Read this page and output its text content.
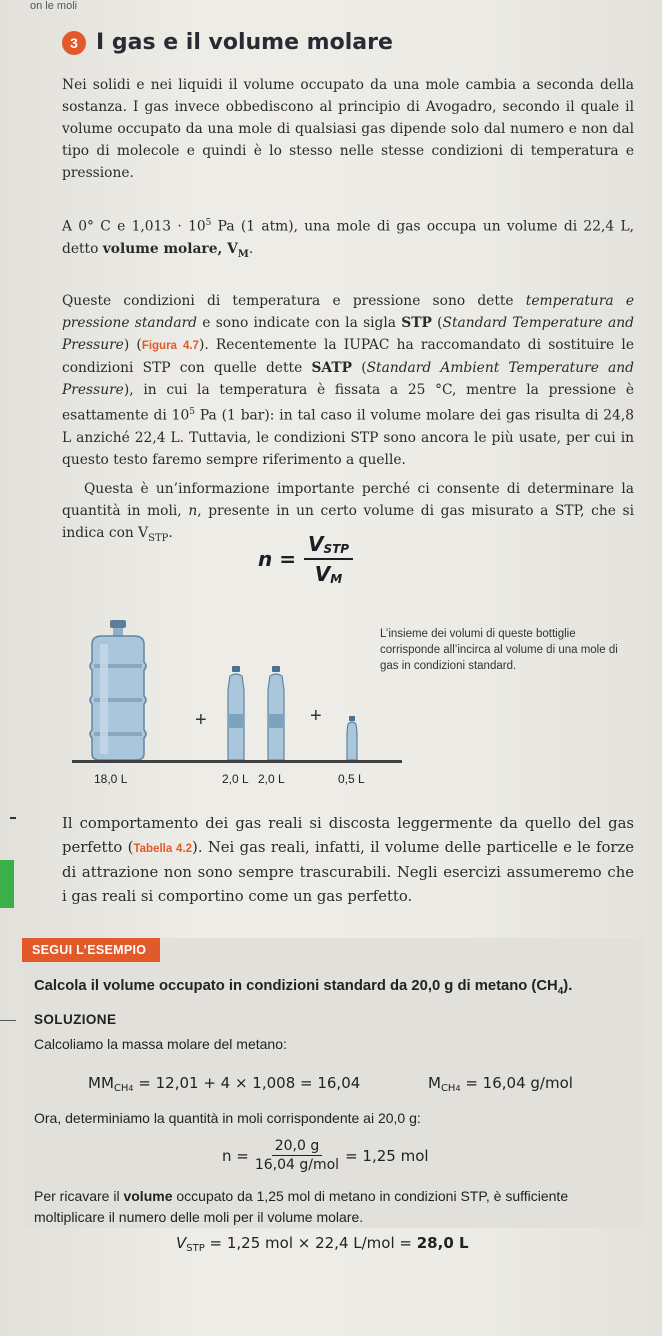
on le moli
3 I gas e il volume molare

Nei solidi e nei liquidi il volume occupato da una mole cambia a seconda della sostanza. I gas invece obbediscono al principio di Avogadro, secondo il quale il volume occupato da una mole di qualsiasi gas dipende solo dal numero e non dal tipo di molecole e quindi è lo stesso nelle stesse condizioni di temperatura e pressione.

A 0° C e $1,013 \cdot 10^5$ Pa (1 atm), una mole di gas occupa un volume di 22,4 L, detto volume molare, $V_M$.

Queste condizioni di temperatura e pressione sono dette temperatura e pressione standard e sono indicate con la sigla STP (Standard Temperature and Pressure) (Figura 4.7). Recentemente la IUPAC ha raccomandato di sostituire le condizioni STP con quelle dette SATP (Standard Ambient Temperature and Pressure), in cui la temperatura è fissata a 25 °C, mentre la pressione è esattamente di $10^5$ Pa (1 bar): in tal caso il volume molare dei gas risulta di 24,8 L anziché 22,4 L. Tuttavia, le condizioni STP sono ancora le più usate, per cui in questo testo faremo sempre riferimento a quelle.

Questa è un’informazione importante perché ci consente di determinare la quantità in moli, n, presente in un certo volume di gas misurato a STP, che si indica con $V_{STP}$.

$n = \frac{\text{VSTP}}{VM}$
+	+
18,0 L	2,0 L 2,0 L	0,5 L
L’insieme dei volumi di queste bottiglie corrisponde all’incirca al volume di una mole di gas in condizioni standard.

Il comportamento dei gas reali si discosta leggermente da quello del gas perfetto (Tabella 4.2). Nei gas reali, infatti, il volume delle particelle e le forze di attrazione non sono sempre trascurabili. Negli esercizi assumeremo che i gas reali si comportino come un gas perfetto.

SEGUI L’ESEMPIO
Calcola il volume occupato in condizioni standard da 20,0 g di metano $(CH_4)$.
SOLUZIONE
Calcoliamo la massa molare del metano:
$MM_{CH4} = 12,01 + 4 \times 1,008 = 16,04$	$M_{CH4} = 16,04$ g/mol
Ora, determiniamo la quantità in moli corrispondente ai 20,0 g:
$n = \frac{20,0 g}{\text{16,04 g/mol}} = 1,25$ mol
Per ricavare il volume occupato da 1,25 mol di metano in condizioni STP, è sufficiente moltiplicare il numero delle moli per il volume molare.
$V_{STP} = 1,25$ mol × 22,4 L/mol = 28,0 L
